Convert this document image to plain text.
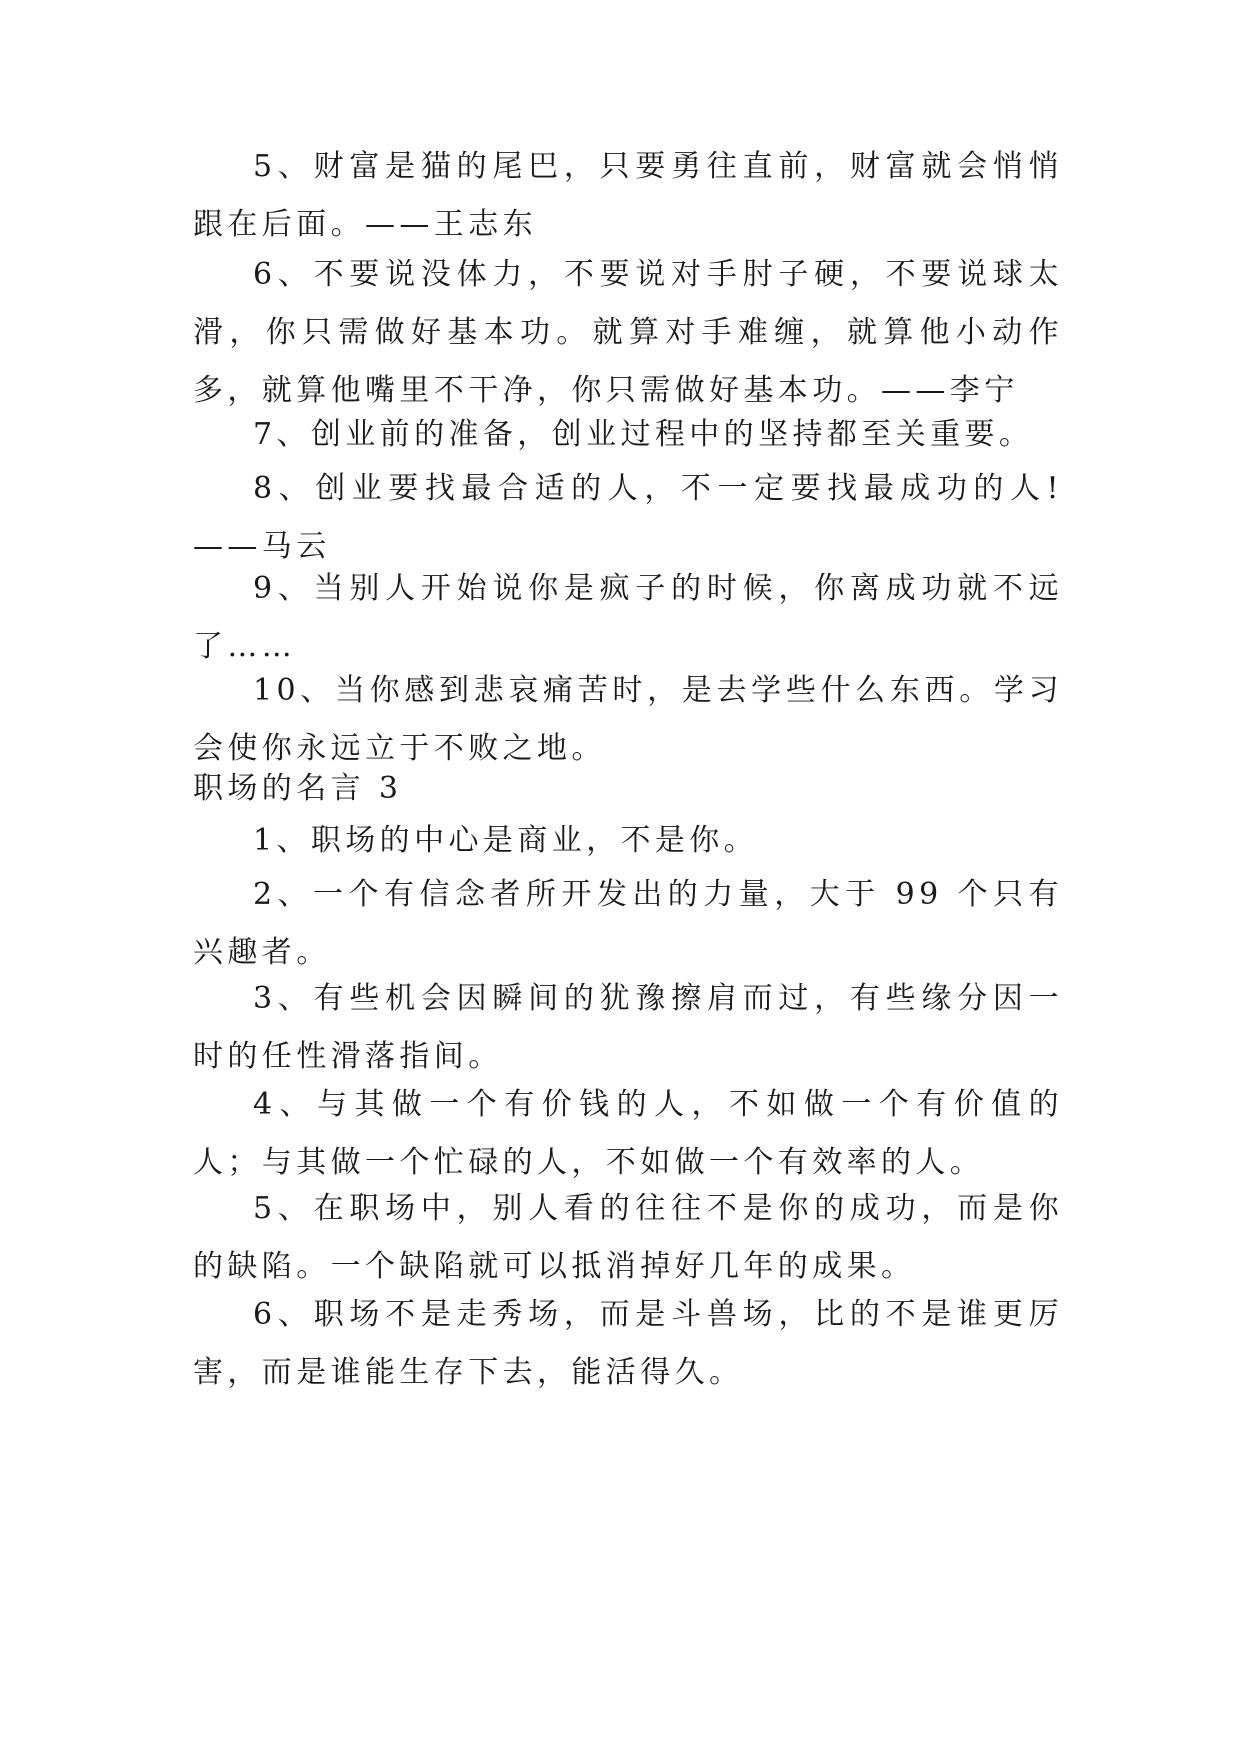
5、财富是猫的尾巴，只要勇往直前，财富就会悄悄跟在后面。——王志东

6、不要说没体力，不要说对手肘子硬，不要说球太滑，你只需做好基本功。就算对手难缠，就算他小动作多，就算他嘴里不干净，你只需做好基本功。——李宁

7、创业前的准备，创业过程中的坚持都至关重要。

8、创业要找最合适的人，不一定要找最成功的人!——马云

9、当别人开始说你是疯子的时候，你离成功就不远了……

10、当你感到悲哀痛苦时，是去学些什么东西。学习会使你永远立于不败之地。

职场的名言 3

1、职场的中心是商业，不是你。

2、一个有信念者所开发出的力量，大于 99 个只有兴趣者。

3、有些机会因瞬间的犹豫擦肩而过，有些缘分因一时的任性滑落指间。

4、与其做一个有价钱的人，不如做一个有价值的人；与其做一个忙碌的人，不如做一个有效率的人。

5、在职场中，别人看的往往不是你的成功，而是你的缺陷。一个缺陷就可以抵消掉好几年的成果。

6、职场不是走秀场，而是斗兽场，比的不是谁更厉害，而是谁能生存下去，能活得久。
